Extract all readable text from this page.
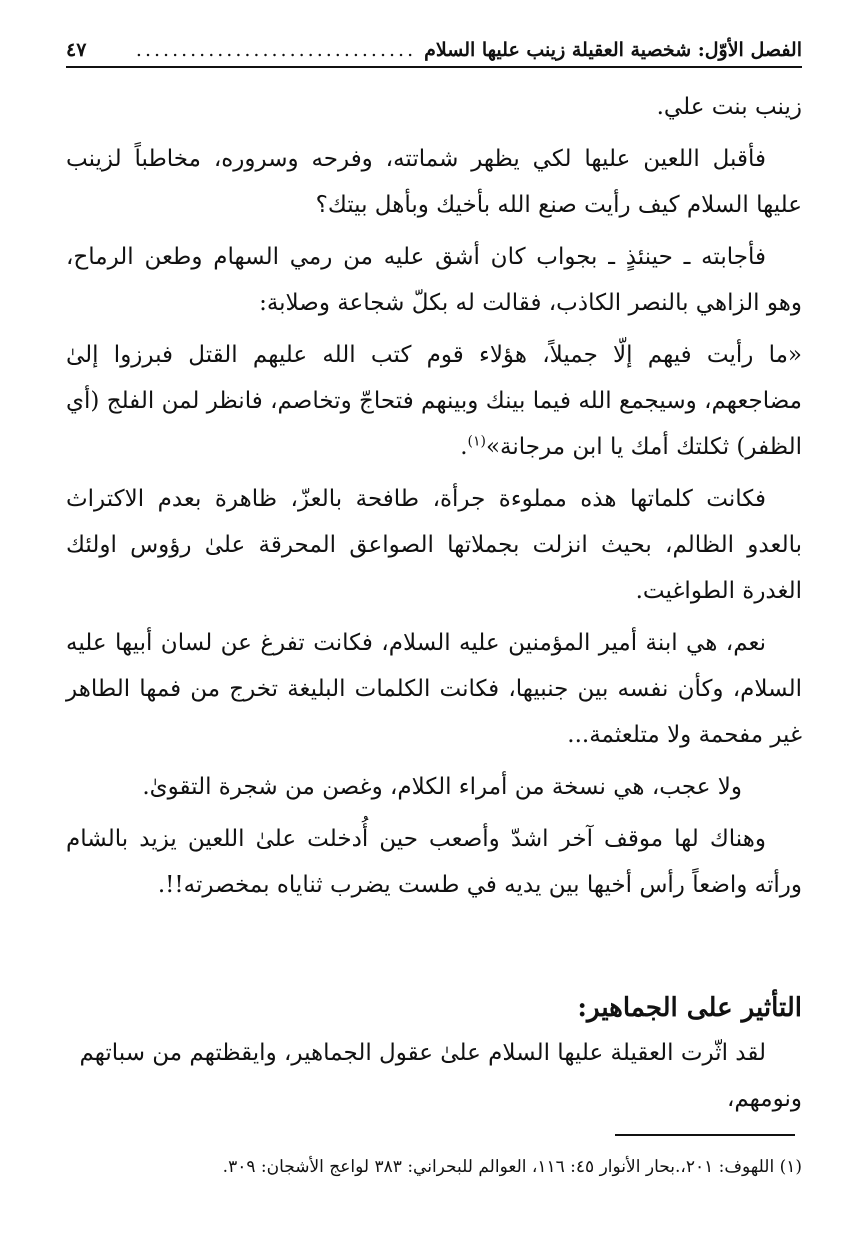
الفصل الأوّل: شخصية العقيلة زينب عليها السلام
...............................
٤٧

زينب بنت علي.

فأقبل اللعين عليها لكي يظهر شماتته، وفرحه وسروره، مخاطباً لزينب عليها السلام كيف رأيت صنع الله بأخيك وبأهل بيتك؟

فأجابته ـ حينئذٍ ـ بجواب كان أشق عليه من رمي السهام وطعن الرماح، وهو الزاهي بالنصر الكاذب، فقالت له بكلّ شجاعة وصلابة:

«ما رأيت فيهم إلّا جميلاً، هؤلاء قوم كتب الله عليهم القتل فبرزوا إلىٰ مضاجعهم، وسيجمع الله فيما بينك وبينهم فتحاجّ وتخاصم، فانظر لمن الفلج (أي الظفر) ثكلتك أمك يا ابن مرجانة»$^{(١)}$.

فكانت كلماتها هذه مملوءة جرأة، طافحة بالعزّ، ظاهرة بعدم الاكتراث بالعدو الظالم، بحيث انزلت بجملاتها الصواعق المحرقة علىٰ رؤوس اولئك الغدرة الطواغيت.

نعم، هي ابنة أمير المؤمنين عليه السلام، فكانت تفرغ عن لسان أبيها عليه السلام، وكأن نفسه بين جنبيها، فكانت الكلمات البليغة تخرج من فمها الطاهر غير مفحمة ولا متلعثمة...

ولا عجب، هي نسخة من أمراء الكلام، وغصن من شجرة التقوىٰ.

وهناك لها موقف آخر اشدّ وأصعب حين أُدخلت علىٰ اللعين يزيد بالشام ورأته واضعاً رأس أخيها بين يديه في طست يضرب ثناياه بمخصرته!!.

التأثير على الجماهير:
لقد اثّرت العقيلة عليها السلام علىٰ عقول الجماهير، وايقظتهم من سباتهم ونومهم،
(١) اللهوف: ٢٠١،.بحار الأنوار ٤٥: ١١٦، العوالم للبحراني: ٣٨٣ لواعج الأشجان: ٣٠٩.
